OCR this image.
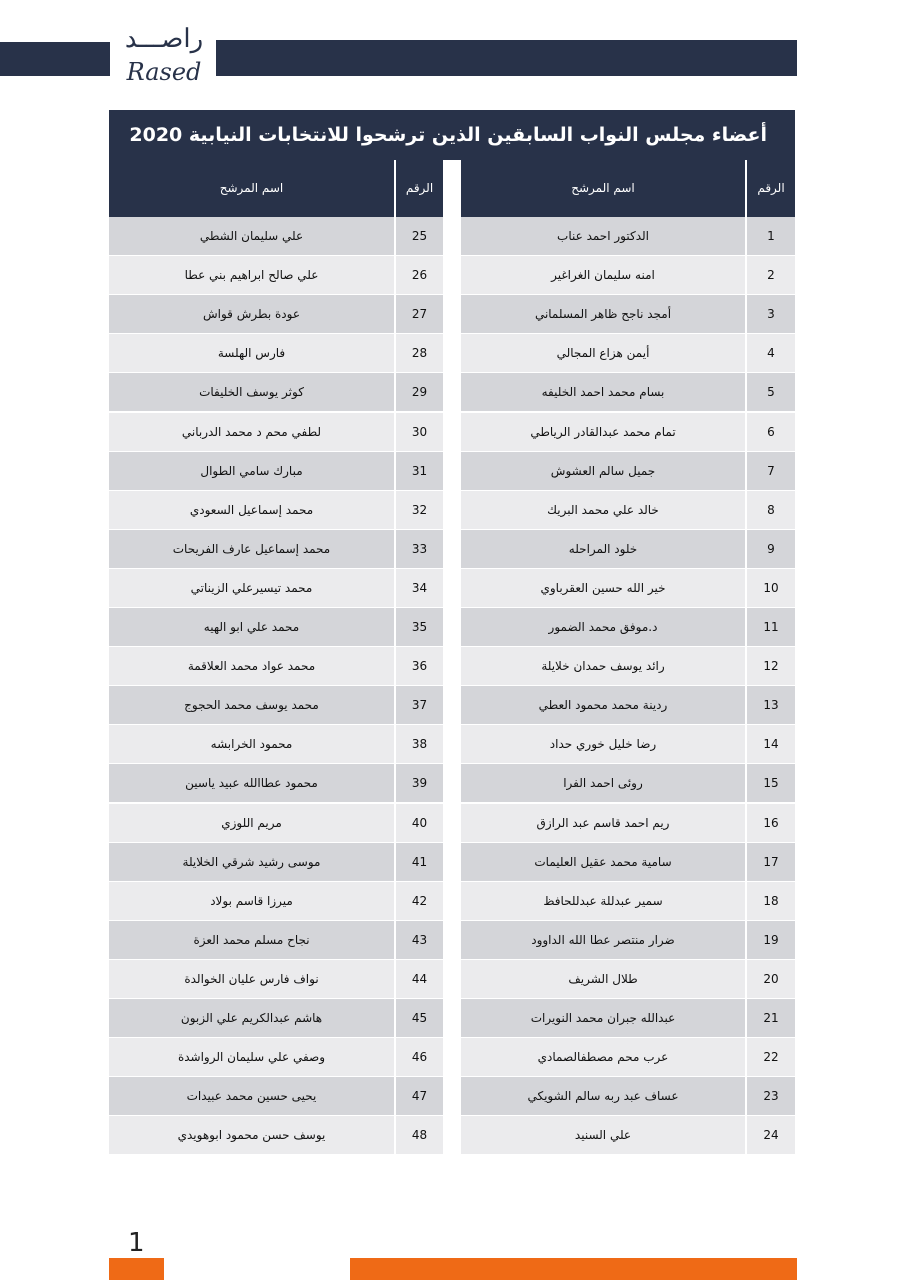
راصـــد
Rased
أعضاء مجلس النواب السابقين الذين ترشحوا للانتخابات النيابية 2020
الرقم
اسم المرشح
الرقم
اسم المرشح
1
الدكتور احمد عناب
2
امنه سليمان الغراغير
3
أمجد ناجح ظاهر المسلماني
4
أيمن هزاع المجالي
5
بسام محمد احمد الخليفه
6
تمام محمد عبدالقادر الرياطي
7
جميل سالم العشوش
8
خالد علي محمد البريك
9
خلود المراحله
10
خير الله حسين العقرباوي
11
د.موفق محمد الضمور
12
رائد يوسف حمدان خلايلة
13
ردينة محمد محمود العطي
14
رضا خليل خوري حداد
15
روئى احمد الفرا
16
ريم احمد قاسم عبد الرازق
17
سامية محمد عقيل العليمات
18
سمير عبدللة عبدللحافظ
19
ضرار منتصر عطا الله الداوود
20
طلال الشريف
21
عبدالله جبران محمد النويرات
22
عرب محم مصطفالصمادي
23
عساف عبد ربه سالم الشويكي
24
علي السنيد
25
علي سليمان الشطي
26
علي صالح ابراهيم بني عطا
27
عودة بطرش قواش
28
فارس الهلسة
29
كوثر يوسف الخليفات
30
لطفي محم د محمد الدرباني
31
مبارك سامي الطوال
32
محمد إسماعيل السعودي
33
محمد إسماعيل عارف الفريحات
34
محمد تيسيرعلي الزيناتي
35
محمد علي ابو الهيه
36
محمد عواد محمد العلاقمة
37
محمد يوسف محمد الحجوج
38
محمود الخرابشه
39
محمود عطاالله عبيد ياسين
40
مريم اللوزي
41
موسى رشيد شرقي الخلايلة
42
ميرزا قاسم بولاد
43
نجاح مسلم محمد العزة
44
نواف فارس عليان الخوالدة
45
هاشم عبدالكريم علي الزبون
46
وصفي علي سليمان الرواشدة
47
يحيى حسين محمد عبيدات
48
يوسف حسن محمود ابوهويدي
1
